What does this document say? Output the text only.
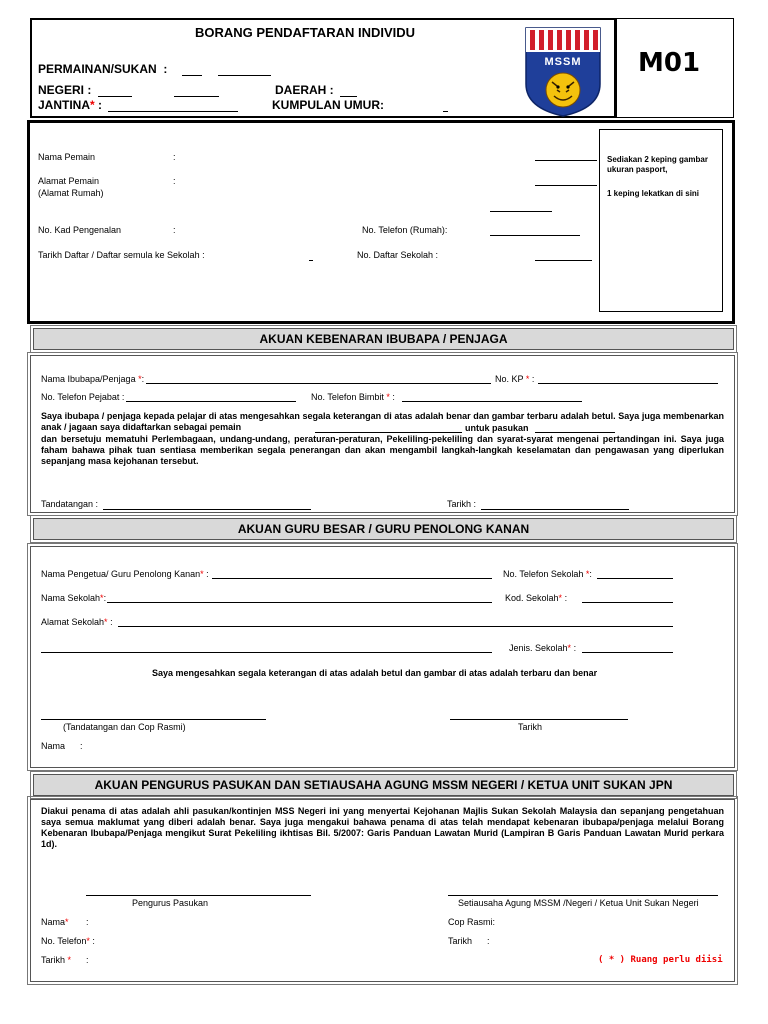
BORANG PENDAFTARAN INDIVIDU
PERMAINAN/SUKAN  :
NEGERI :	DAERAH :
JANTINA* :	KUMPULAN UMUR:
MSSM	M01
Nama Pemain	:
Alamat Pemain
(Alamat Rumah)
:
No. Kad Pengenalan	:	No. Telefon (Rumah):
Tarikh Daftar / Daftar semula ke Sekolah :	No. Daftar Sekolah :
Sediakan 2 keping gambar ukuran pasport,
1 keping lekatkan di sini
AKUAN KEBENARAN IBUBAPA / PENJAGA
Nama Ibubapa/Penjaga *:	No. KP * :
No. Telefon Pejabat :	No. Telefon Bimbit * :
Saya ibubapa / penjaga kepada pelajar di atas mengesahkan segala keterangan di atas adalah benar dan gambar terbaru adalah betul. Saya juga membenarkan anak / jagaan saya didaftarkan sebagai pemain	untuk pasukan
dan bersetuju mematuhi Perlembagaan, undang-undang, peraturan-peraturan, Pekeliling-pekeliling dan syarat-syarat mengenai pertandingan ini. Saya juga faham bahawa pihak tuan sentiasa memberikan segala penerangan dan akan mengambil langkah-langkah keselamatan dan pengawasan yang diperlukan sepanjang masa kejohanan tersebut.
Tandatangan :	Tarikh :
AKUAN GURU BESAR / GURU PENOLONG KANAN
Nama Pengetua/ Guru Penolong Kanan* :	No. Telefon Sekolah *:
Nama Sekolah*:	Kod. Sekolah* :
Alamat Sekolah* :
Jenis. Sekolah* :
Saya mengesahkan segala keterangan di atas adalah betul dan gambar di atas adalah terbaru dan benar
(Tandatangan dan Cop Rasmi)	Tarikh
Nama      :
AKUAN PENGURUS PASUKAN DAN SETIAUSAHA AGUNG MSSM NEGERI / KETUA UNIT SUKAN JPN
Diakui penama di atas adalah ahli pasukan/kontinjen MSS Negeri ini yang menyertai Kejohanan Majlis Sukan Sekolah Malaysia dan sepanjang pengetahuan saya semua maklumat yang diberi adalah benar. Saya juga mengakui bahawa penama di atas telah mendapat kebenaran ibubapa/penjaga melalui Borang Kebenaran Ibubapa/Penjaga mengikut Surat Pekeliling ikhtisas Bil. 5/2007: Garis Panduan Lawatan Murid (Lampiran B Garis Panduan Lawatan Murid perkara 1d).
Pengurus Pasukan	Setiausaha Agung MSSM /Negeri / Ketua Unit Sukan Negeri
Nama*       :
No. Telefon* :
Tarikh *      :
Cop Rasmi:
Tarikh      :
( * ) Ruang perlu diisi
